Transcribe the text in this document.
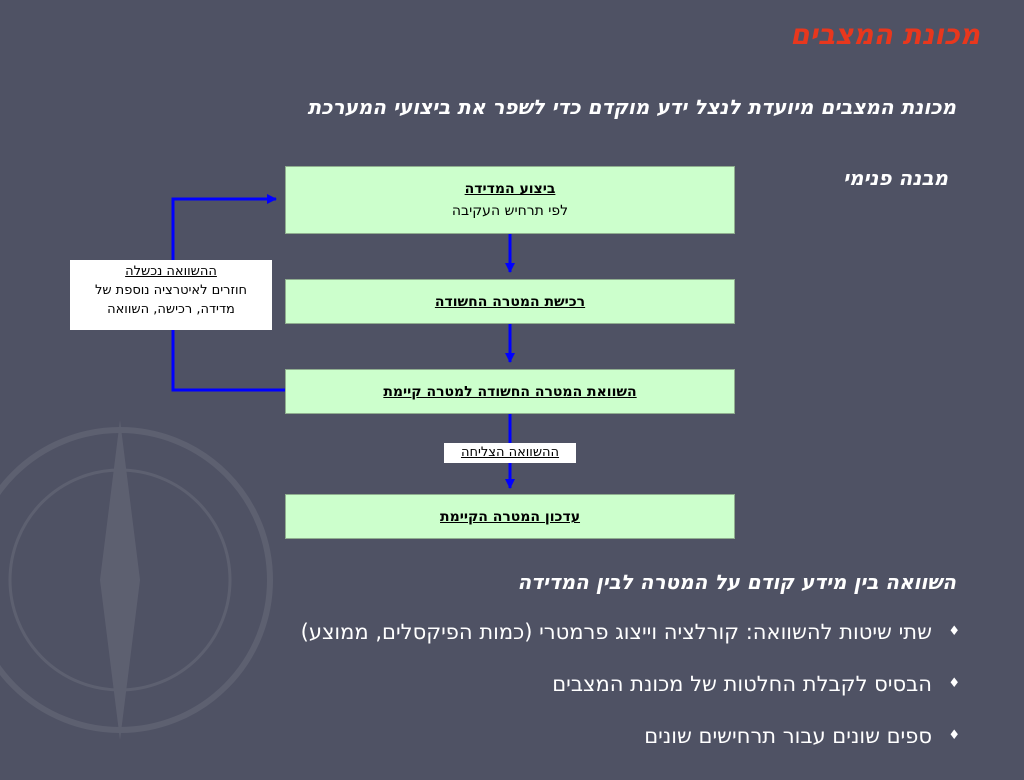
מכונת המצבים
מכונת המצבים מיועדת לנצל ידע מוקדם כדי לשפר את ביצועי המערכת
מבנה פנימי
ביצוע המדידה
לפי תרחיש העקיבה
רכישת המטרה החשודה
השוואת המטרה החשודה למטרה קיימת
עדכון המטרה הקיימת
ההשוואה הצליחה
ההשוואה נכשלה
חוזרים לאיטרציה נוספת של
מדידה, רכישה, השוואה
השוואה בין מידע קודם על המטרה לבין המדידה
♦
שתי שיטות להשוואה: קורלציה וייצוג פרמטרי (כמות הפיקסלים, ממוצע)
♦
הבסיס לקבלת החלטות של מכונת המצבים
♦
ספים שונים עבור תרחישים שונים
